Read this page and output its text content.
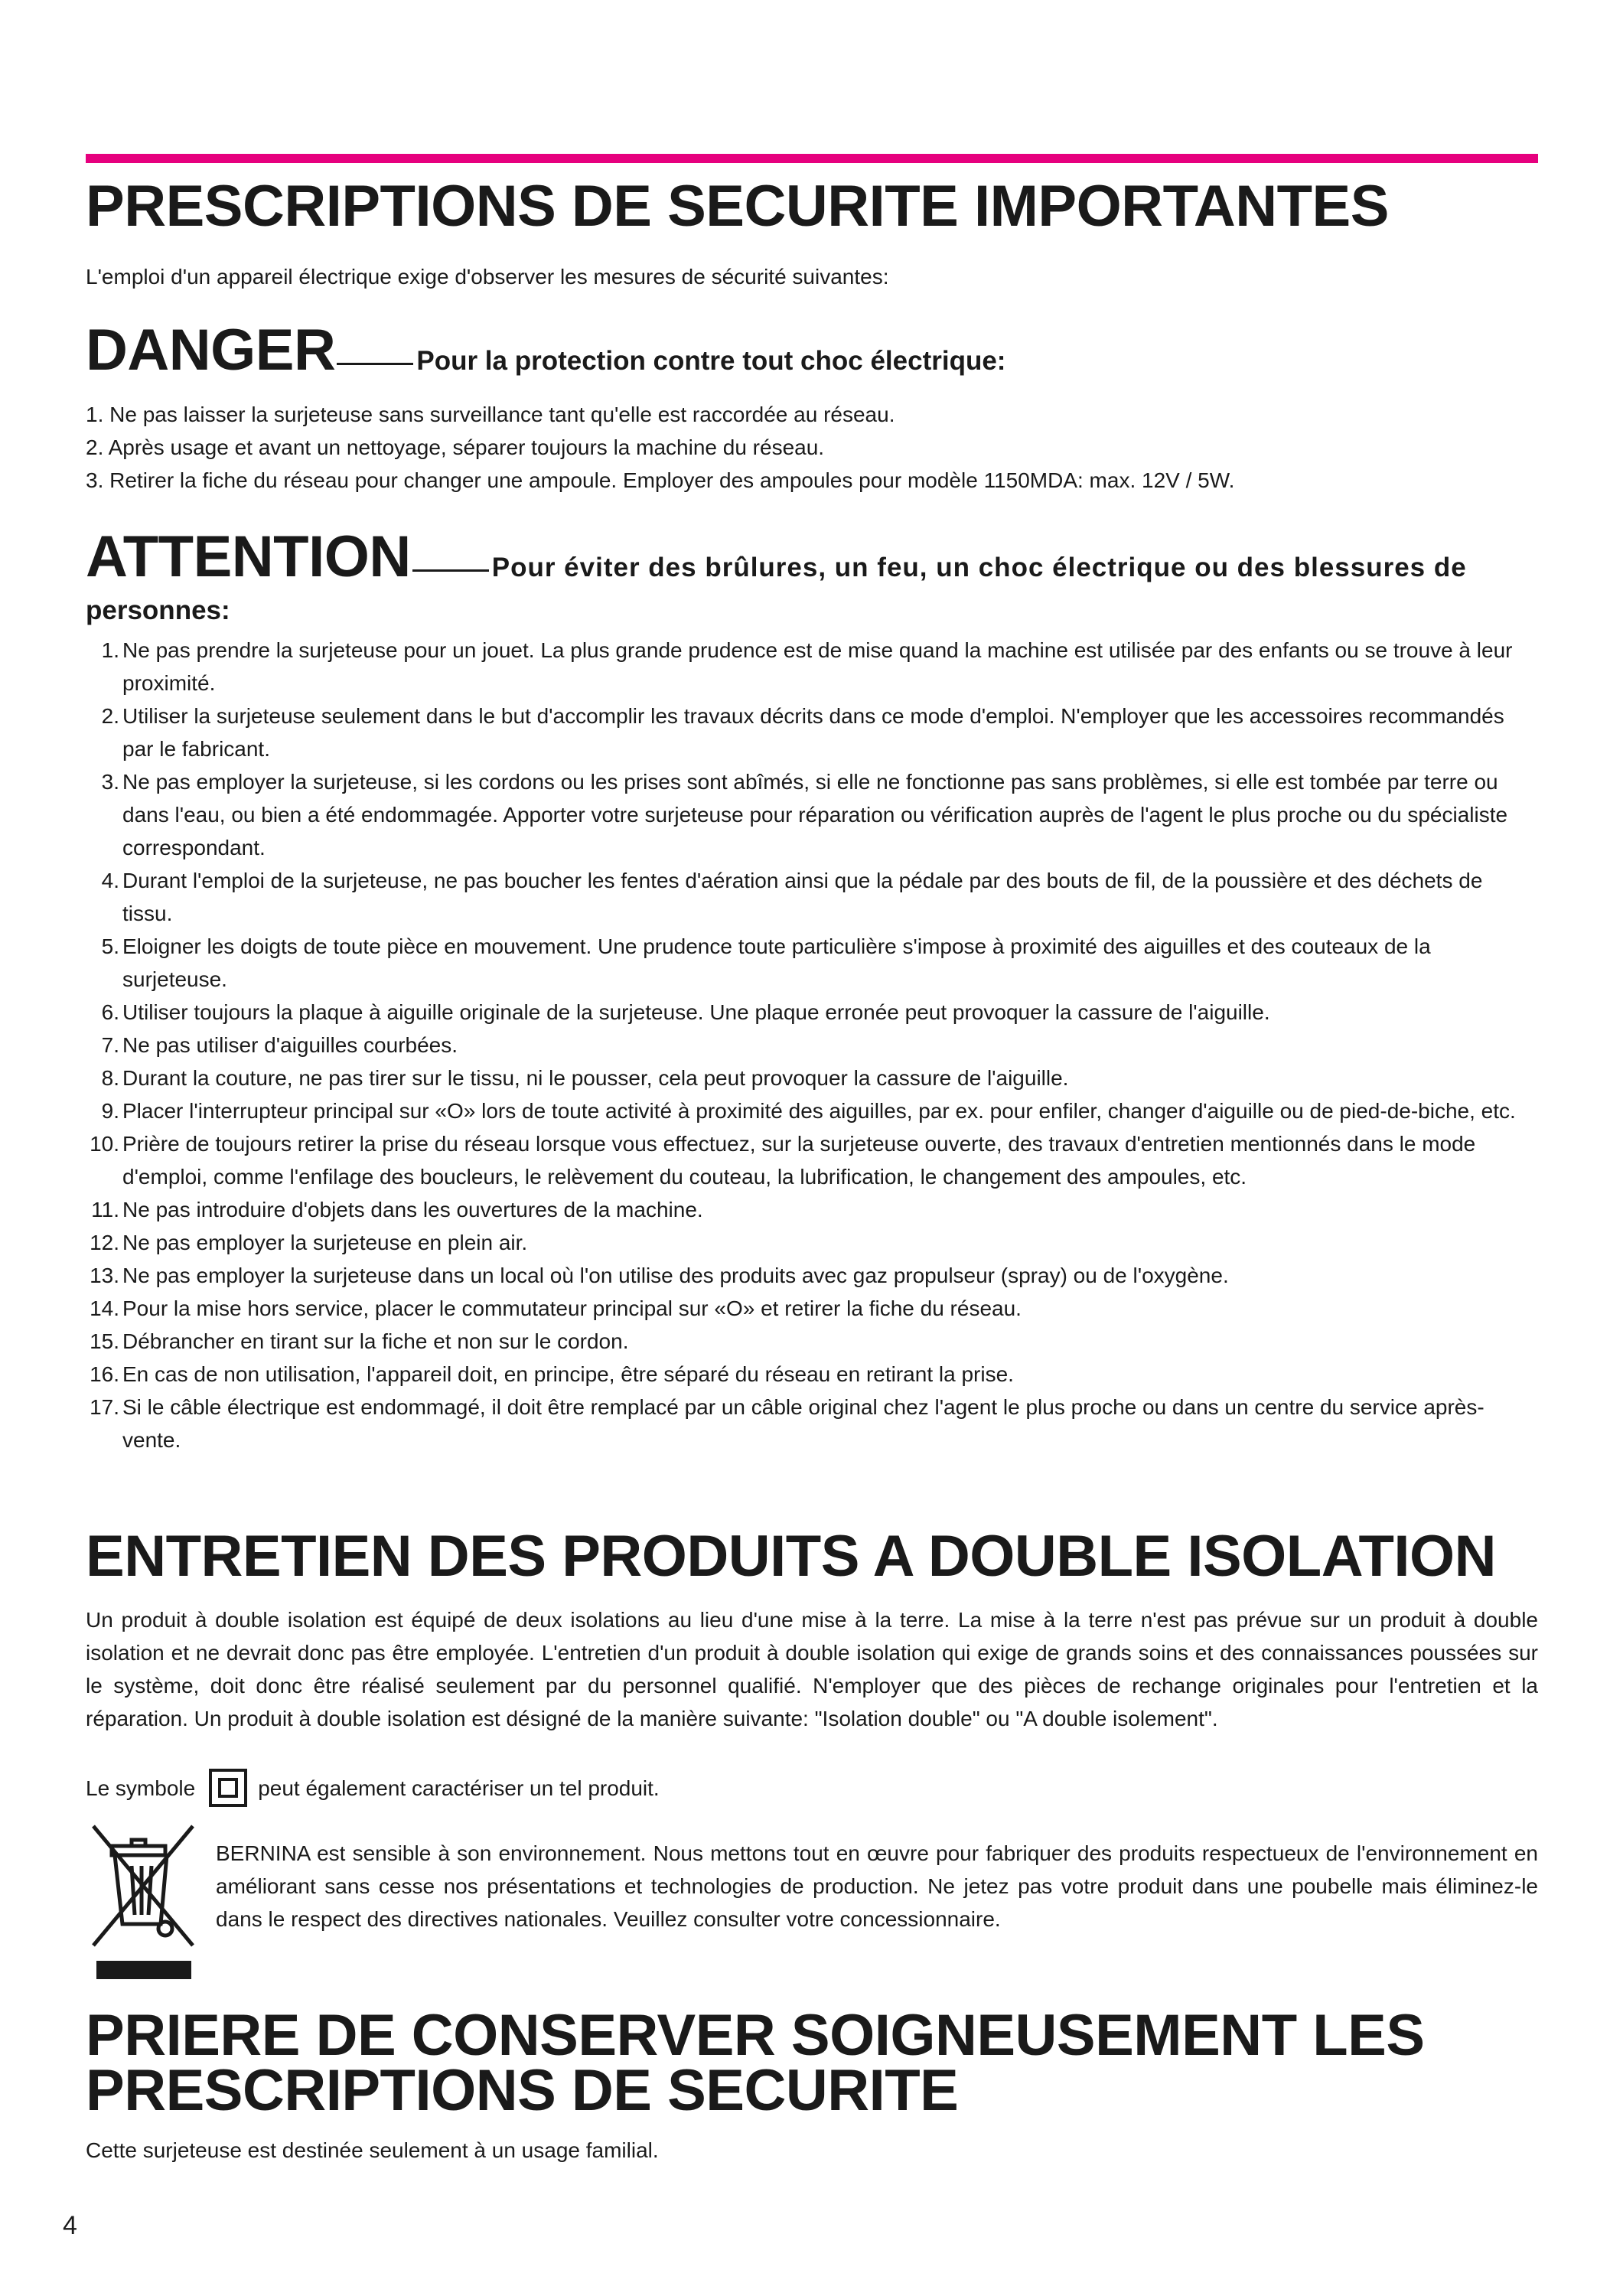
PRESCRIPTIONS DE SECURITE IMPORTANTES
L'emploi d'un appareil électrique exige d'observer les mesures de sécurité suivantes:
DANGER	Pour la protection contre tout choc électrique:
1. Ne pas laisser la surjeteuse sans surveillance tant qu'elle est raccordée au réseau.
2. Après usage et avant un nettoyage, séparer toujours la machine du réseau.
3. Retirer la fiche du réseau pour changer une ampoule. Employer des ampoules pour modèle 1150MDA: max. 12V / 5W.
ATTENTION	Pour éviter des brûlures, un feu, un choc électrique ou des blessures de
personnes:
1. Ne pas prendre la surjeteuse pour un jouet. La plus grande prudence est de mise quand la machine est utilisée par des enfants ou se trouve à leur proximité.
2. Utiliser la surjeteuse seulement dans le but d'accomplir les travaux décrits dans ce mode d'emploi. N'employer que les accessoires recommandés par le fabricant.
3. Ne pas employer la surjeteuse, si les cordons ou les prises sont abîmés, si elle ne fonctionne pas sans problèmes, si elle est tombée par terre ou dans l'eau, ou bien a été endommagée. Apporter votre surjeteuse pour réparation ou vérification auprès de l'agent le plus proche ou du spécialiste correspondant.
4. Durant l'emploi de la surjeteuse, ne pas boucher les fentes d'aération ainsi que la pédale par des bouts de fil, de la poussière et des déchets de tissu.
5. Eloigner les doigts de toute pièce en mouvement. Une prudence toute particulière s'impose à proximité des aiguilles et des couteaux de la surjeteuse.
6. Utiliser toujours la plaque à aiguille originale de la surjeteuse. Une plaque erronée peut provoquer la cassure de l'aiguille.
7. Ne pas utiliser d'aiguilles courbées.
8. Durant la couture, ne pas tirer sur le tissu, ni le pousser, cela peut provoquer la cassure de l'aiguille.
9. Placer l'interrupteur principal sur «O» lors de toute activité à proximité des aiguilles, par ex. pour enfiler, changer d'aiguille ou de pied-de-biche, etc.
10. Prière de toujours retirer la prise du réseau lorsque vous effectuez, sur la surjeteuse ouverte, des travaux d'entretien mentionnés dans le mode d'emploi, comme l'enfilage des boucleurs, le relèvement du couteau, la lubrification, le changement des ampoules, etc.
11. Ne pas introduire d'objets dans les ouvertures de la machine.
12. Ne pas employer la surjeteuse en plein air.
13. Ne pas employer la surjeteuse dans un local où l'on utilise des produits avec gaz propulseur (spray) ou de l'oxygène.
14. Pour la mise hors service, placer le commutateur principal sur «O» et retirer la fiche du réseau.
15. Débrancher en tirant sur la fiche et non sur le cordon.
16. En cas de non utilisation, l'appareil doit, en principe, être séparé du réseau en retirant la prise.
17. Si le câble électrique est endommagé, il doit être remplacé par un câble original chez l'agent le plus proche ou dans un centre du service après-vente.
ENTRETIEN DES PRODUITS A DOUBLE ISOLATION
Un produit à double isolation est équipé de deux isolations au lieu d'une mise à la terre. La mise à la terre n'est pas prévue sur un produit à double isolation et ne devrait donc pas être employée. L'entretien d'un produit à double isolation qui exige de grands soins et des connaissances poussées sur le système, doit donc être réalisé seulement par du personnel qualifié. N'employer que des pièces de rechange originales pour l'entretien et la réparation. Un produit à double isolation est désigné de la manière suivante: "Isolation double" ou "A double isolement".
Le symbole	peut également caractériser un tel produit.
BERNINA est sensible à son environnement. Nous mettons tout en œuvre pour fabriquer des produits respectueux de l'environnement en améliorant sans cesse nos présentations et technologies de production. Ne jetez pas votre produit dans une poubelle mais éliminez-le dans le respect des directives nationales. Veuillez consulter votre concessionnaire.
PRIERE DE CONSERVER SOIGNEUSEMENT LES
PRESCRIPTIONS DE SECURITE
Cette surjeteuse est destinée seulement à un usage familial.
4
